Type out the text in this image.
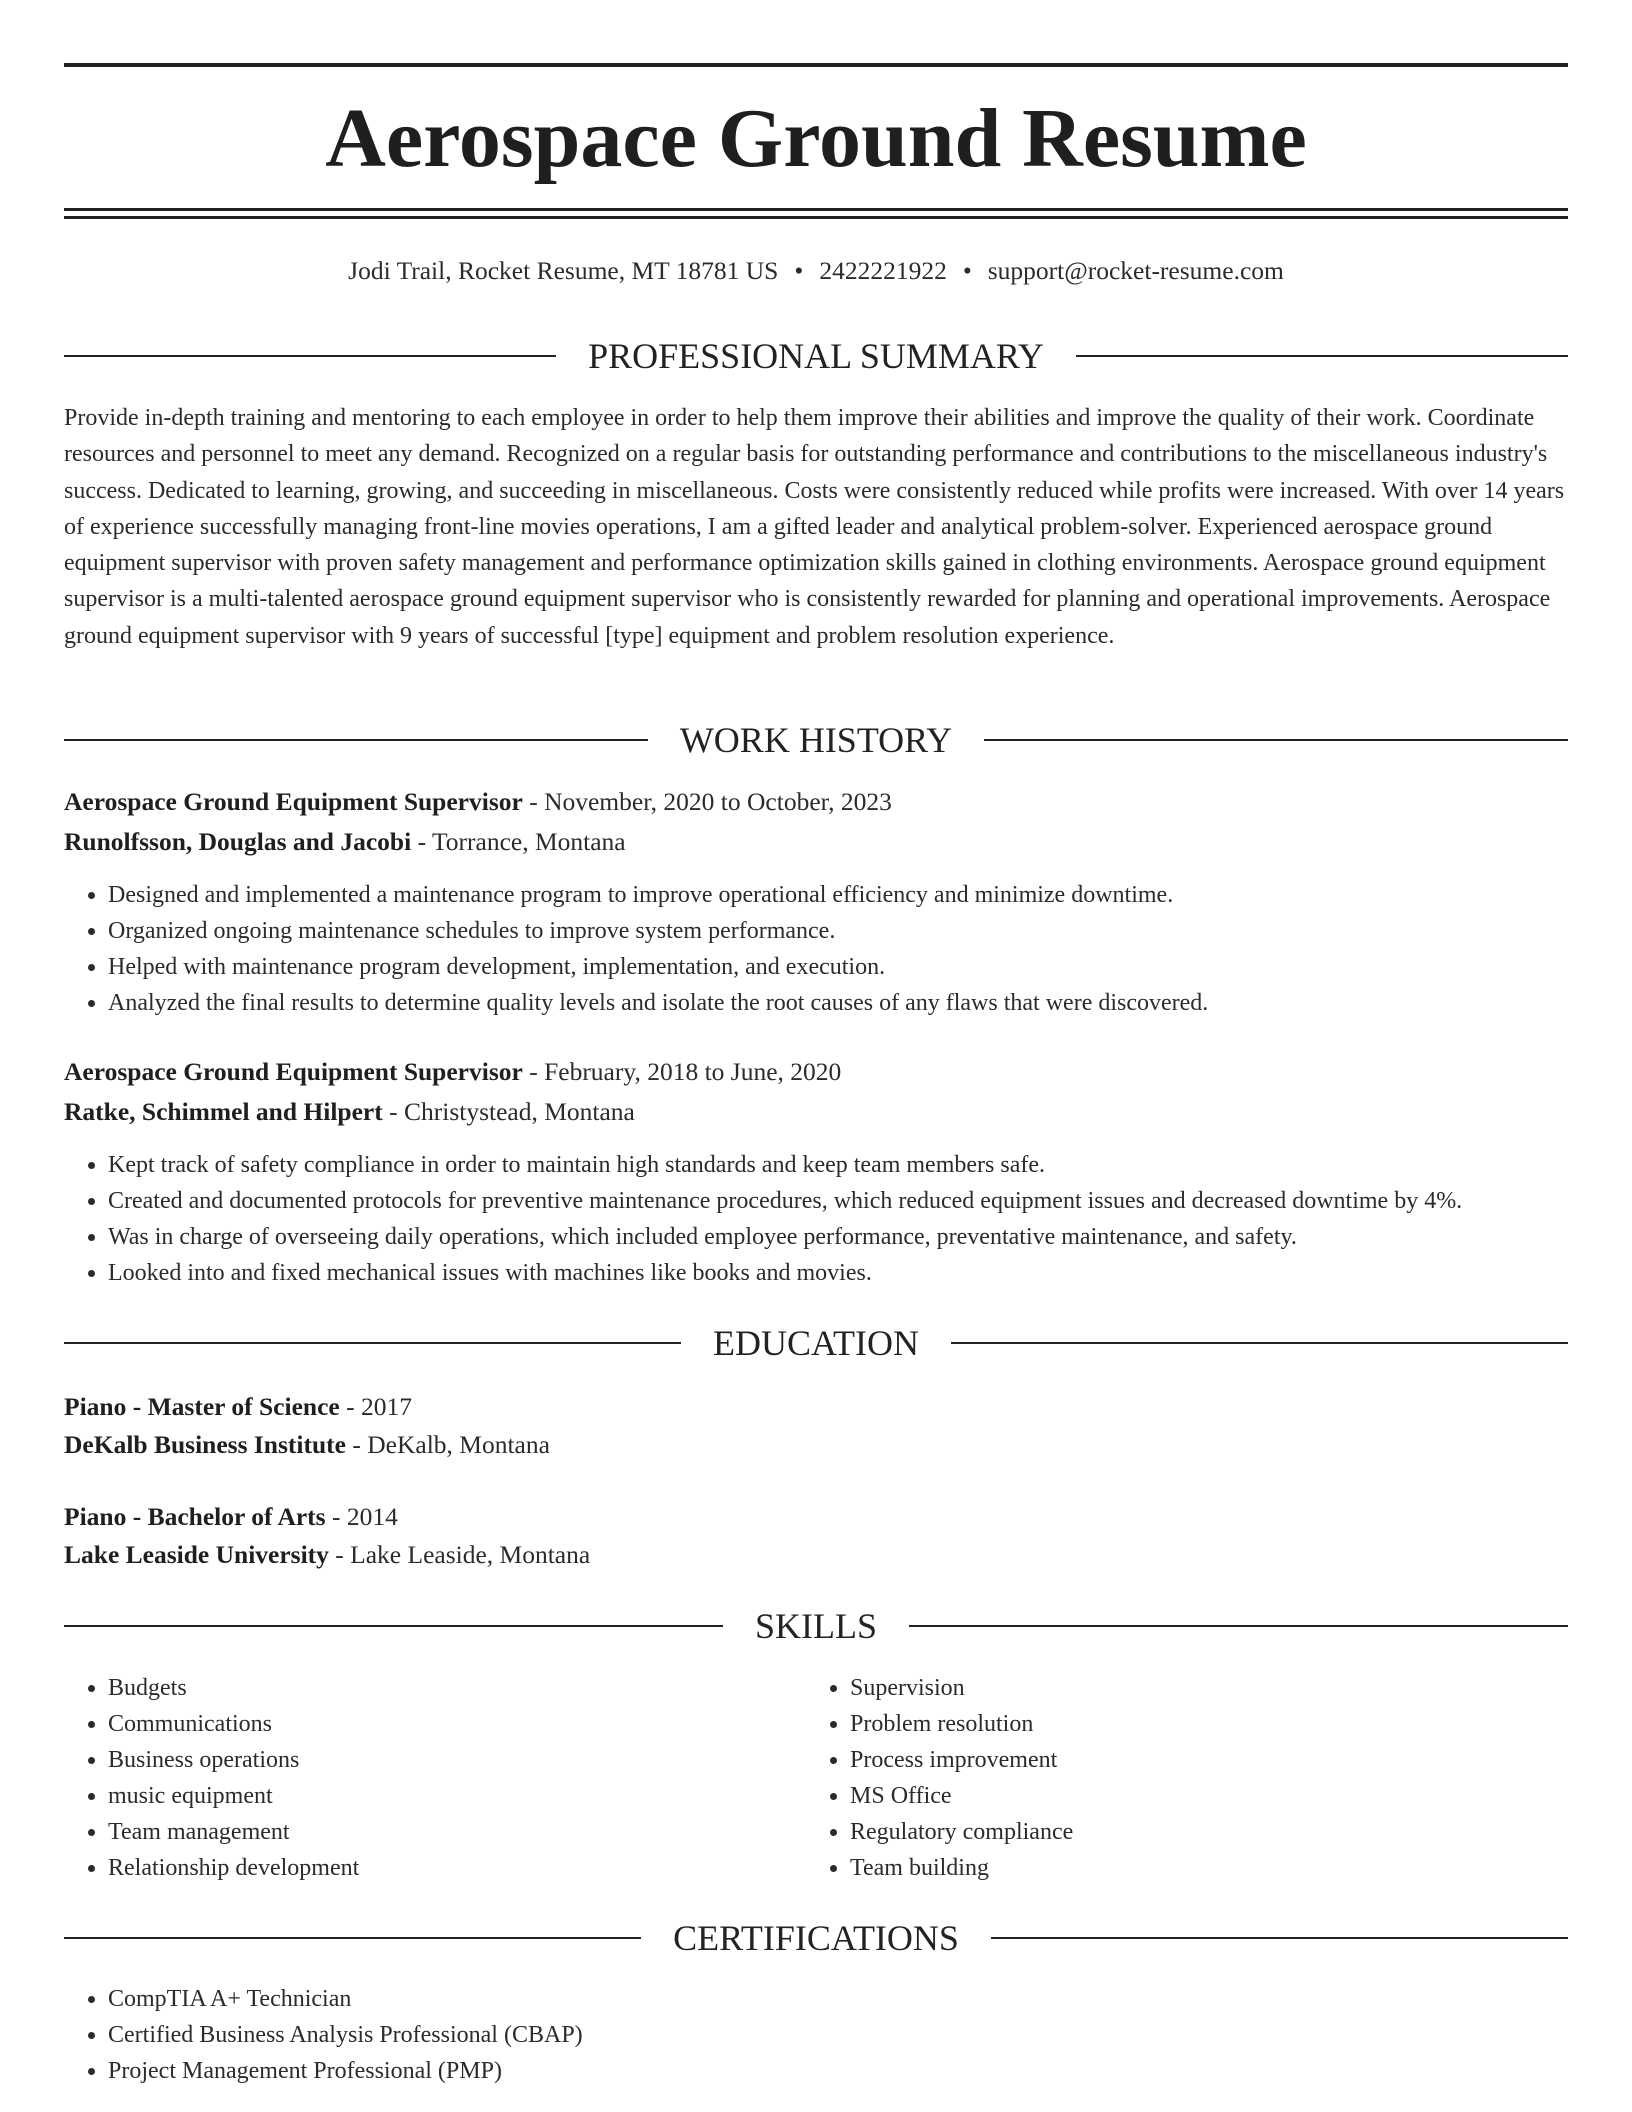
Aerospace Ground Resume
Jodi Trail, Rocket Resume, MT 18781 US • 2422221922 • support@rocket-resume.com
PROFESSIONAL SUMMARY

Provide in-depth training and mentoring to each employee in order to help them improve their abilities and improve the quality of their work. Coordinate resources and personnel to meet any demand. Recognized on a regular basis for outstanding performance and contributions to the miscellaneous industry's success. Dedicated to learning, growing, and succeeding in miscellaneous. Costs were consistently reduced while profits were increased. With over 14 years of experience successfully managing front-line movies operations, I am a gifted leader and analytical problem-solver. Experienced aerospace ground equipment supervisor with proven safety management and performance optimization skills gained in clothing environments. Aerospace ground equipment supervisor is a multi-talented aerospace ground equipment supervisor who is consistently rewarded for planning and operational improvements. Aerospace ground equipment supervisor with 9 years of successful [type] equipment and problem resolution experience.

WORK HISTORY
Aerospace Ground Equipment Supervisor - November, 2020 to October, 2023
Runolfsson, Douglas and Jacobi - Torrance, Montana
• Designed and implemented a maintenance program to improve operational efficiency and minimize downtime.
• Organized ongoing maintenance schedules to improve system performance.
• Helped with maintenance program development, implementation, and execution.
• Analyzed the final results to determine quality levels and isolate the root causes of any flaws that were discovered.
Aerospace Ground Equipment Supervisor - February, 2018 to June, 2020
Ratke, Schimmel and Hilpert - Christystead, Montana
• Kept track of safety compliance in order to maintain high standards and keep team members safe.
• Created and documented protocols for preventive maintenance procedures, which reduced equipment issues and decreased downtime by 4%.
• Was in charge of overseeing daily operations, which included employee performance, preventative maintenance, and safety.
• Looked into and fixed mechanical issues with machines like books and movies.
EDUCATION
Piano - Master of Science - 2017
DeKalb Business Institute - DeKalb, Montana
Piano - Bachelor of Arts - 2014
Lake Leaside University - Lake Leaside, Montana
SKILLS
• Budgets
• Communications
• Business operations
• music equipment
• Team management
• Relationship development
• Supervision
• Problem resolution
• Process improvement
• MS Office
• Regulatory compliance
• Team building
CERTIFICATIONS
• CompTIA A+ Technician
• Certified Business Analysis Professional (CBAP)
• Project Management Professional (PMP)
